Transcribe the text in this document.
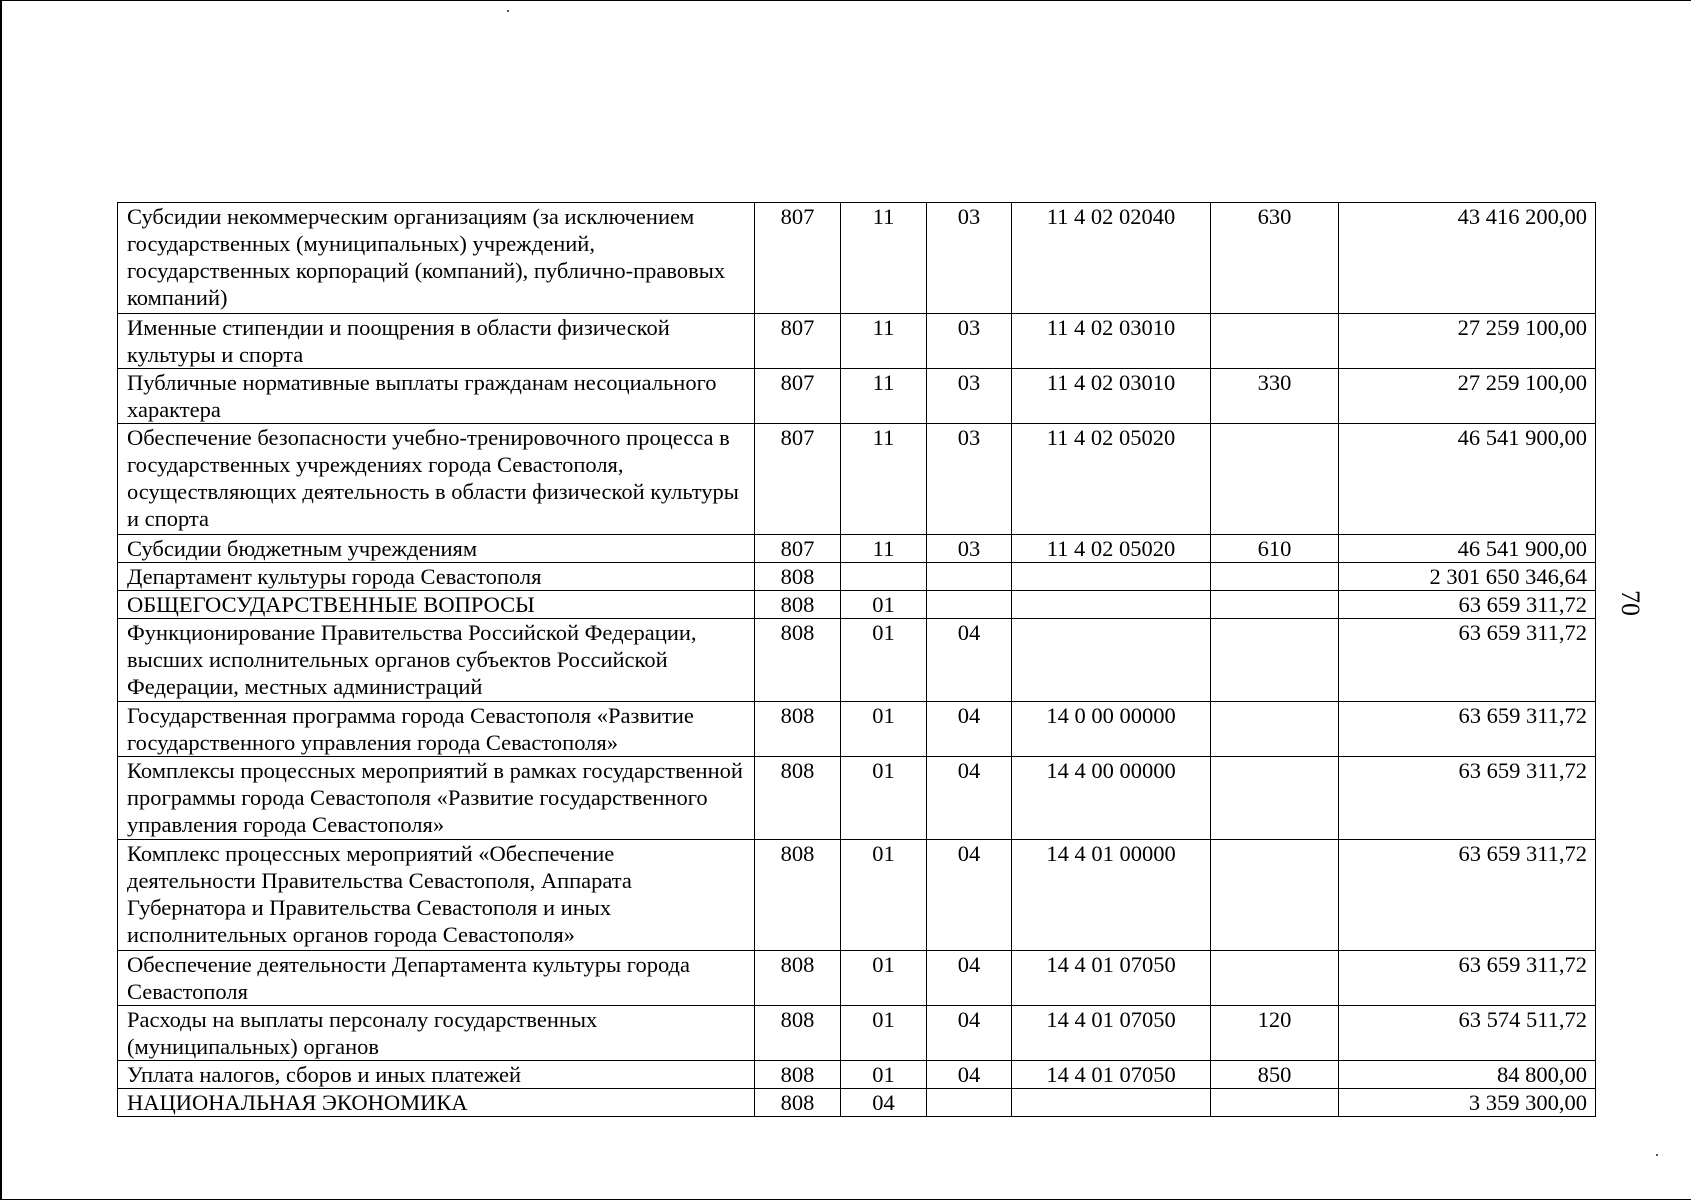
Субсидии некоммерческим организациям (за исключением государственных (муниципальных) учреждений, государственных корпораций (компаний), публично-правовых компаний)	807	11	03	11 4 02 02040	630	43 416 200,00
Именные стипендии и поощрения в области физической культуры и спорта	807	11	03	11 4 02 03010		27 259 100,00
Публичные нормативные выплаты гражданам несоциального характера	807	11	03	11 4 02 03010	330	27 259 100,00
Обеспечение безопасности учебно-тренировочного процесса в государственных учреждениях города Севастополя, осуществляющих деятельность в области физической культуры и спорта	807	11	03	11 4 02 05020		46 541 900,00
Субсидии бюджетным учреждениям	807	11	03	11 4 02 05020	610	46 541 900,00
Департамент культуры города Севастополя	808					2 301 650 346,64
ОБЩЕГОСУДАРСТВЕННЫЕ ВОПРОСЫ	808	01				63 659 311,72
Функционирование Правительства Российской Федерации, высших исполнительных органов субъектов Российской Федерации, местных администраций	808	01	04			63 659 311,72
Государственная программа города Севастополя «Развитие государственного управления города Севастополя»	808	01	04	14 0 00 00000		63 659 311,72
Комплексы процессных мероприятий в рамках государственной программы города Севастополя «Развитие государственного управления города Севастополя»	808	01	04	14 4 00 00000		63 659 311,72
Комплекс процессных мероприятий «Обеспечение деятельности Правительства Севастополя, Аппарата Губернатора и Правительства Севастополя и иных исполнительных органов города Севастополя»	808	01	04	14 4 01 00000		63 659 311,72
Обеспечение деятельности Департамента культуры города Севастополя	808	01	04	14 4 01 07050		63 659 311,72
Расходы на выплаты персоналу государственных (муниципальных) органов	808	01	04	14 4 01 07050	120	63 574 511,72
Уплата налогов, сборов и иных платежей	808	01	04	14 4 01 07050	850	84 800,00
НАЦИОНАЛЬНАЯ ЭКОНОМИКА	808	04				3 359 300,00
70
